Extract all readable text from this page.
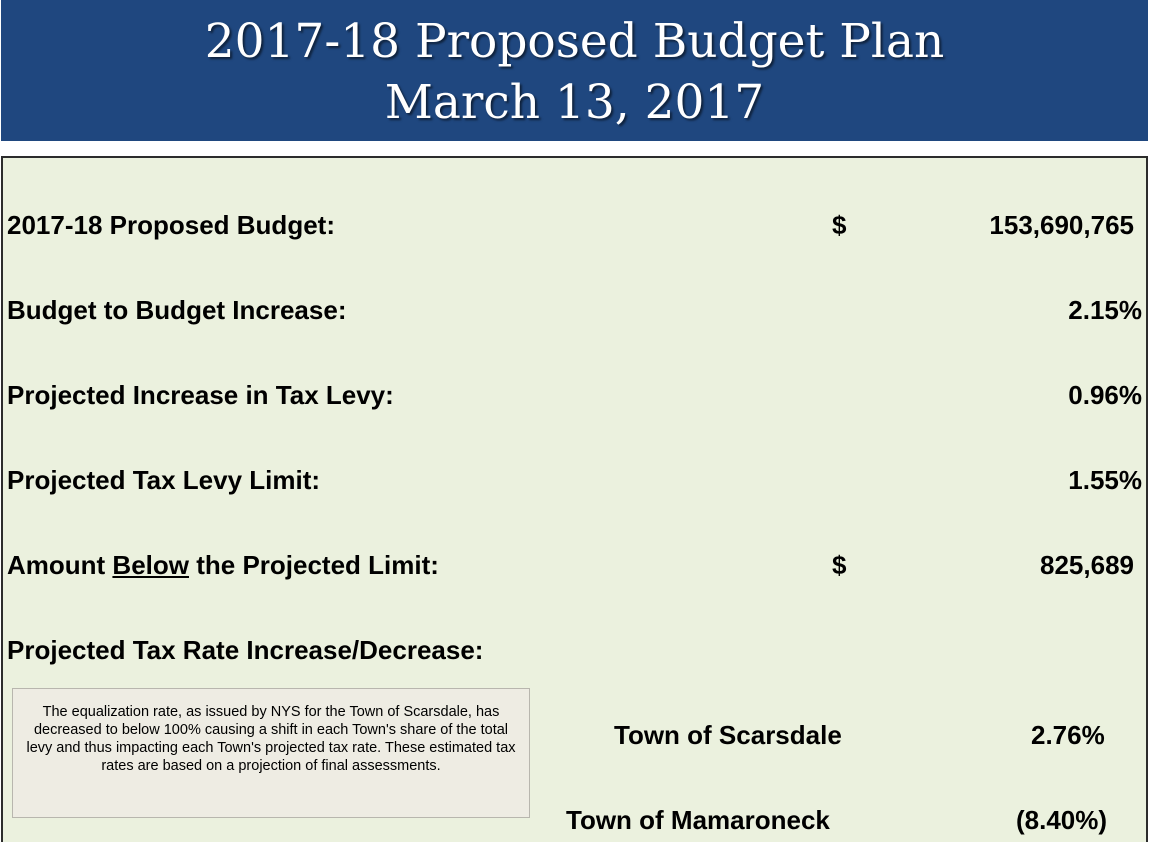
2017-18 Proposed Budget Plan
March 13, 2017
2017-18 Proposed Budget:	$	153,690,765
Budget to Budget Increase:	2.15%
Projected Increase in Tax Levy:	0.96%
Projected Tax Levy Limit:	1.55%
Amount Below the Projected Limit:	$	825,689
Projected Tax Rate Increase/Decrease:
The equalization rate, as issued by NYS for the Town of Scarsdale, has decreased to below 100% causing a shift in each Town's share of the total levy and thus impacting each Town's projected tax rate. These estimated tax rates are based on a projection of final assessments.
Town of Scarsdale	2.76%
Town of Mamaroneck	(8.40%)
